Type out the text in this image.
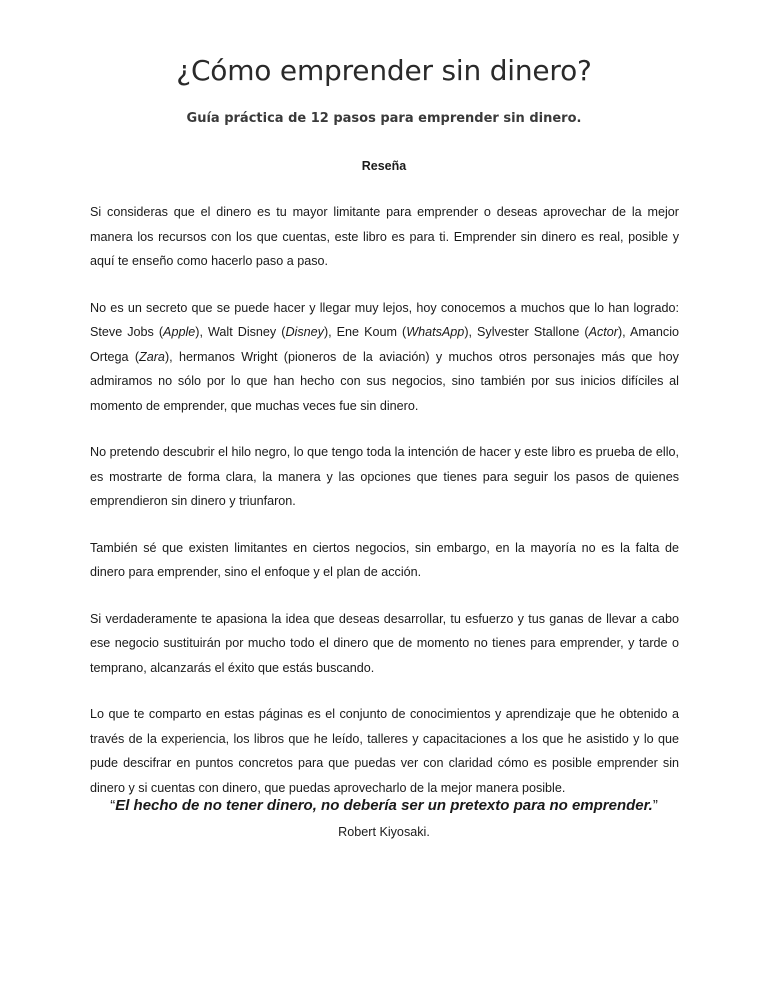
¿Cómo emprender sin dinero?
Guía práctica de 12 pasos para emprender sin dinero.
Reseña

Si consideras que el dinero es tu mayor limitante para emprender o deseas aprovechar de la mejor manera los recursos con los que cuentas, este libro es para ti. Emprender sin dinero es real, posible y aquí te enseño como hacerlo paso a paso.

No es un secreto que se puede hacer y llegar muy lejos, hoy conocemos a muchos que lo han logrado: Steve Jobs (Apple), Walt Disney (Disney), Ene Koum (WhatsApp), Sylvester Stallone (Actor), Amancio Ortega (Zara), hermanos Wright (pioneros de la aviación) y muchos otros personajes más que hoy admiramos no sólo por lo que han hecho con sus negocios, sino también por sus inicios difíciles al momento de emprender, que muchas veces fue sin dinero.

No pretendo descubrir el hilo negro, lo que tengo toda la intención de hacer y este libro es prueba de ello, es mostrarte de forma clara, la manera y las opciones que tienes para seguir los pasos de quienes emprendieron sin dinero y triunfaron.

También sé que existen limitantes en ciertos negocios, sin embargo, en la mayoría no es la falta de dinero para emprender, sino el enfoque y el plan de acción.

Si verdaderamente te apasiona la idea que deseas desarrollar, tu esfuerzo y tus ganas de llevar a cabo ese negocio sustituirán por mucho todo el dinero que de momento no tienes para emprender, y tarde o temprano, alcanzarás el éxito que estás buscando.

Lo que te comparto en estas páginas es el conjunto de conocimientos y aprendizaje que he obtenido a través de la experiencia, los libros que he leído, talleres y capacitaciones a los que he asistido y lo que pude descifrar en puntos concretos para que puedas ver con claridad cómo es posible emprender sin dinero y si cuentas con dinero, que puedas aprovecharlo de la mejor manera posible.

“El hecho de no tener dinero, no debería ser un pretexto para no emprender.”

Robert Kiyosaki.
